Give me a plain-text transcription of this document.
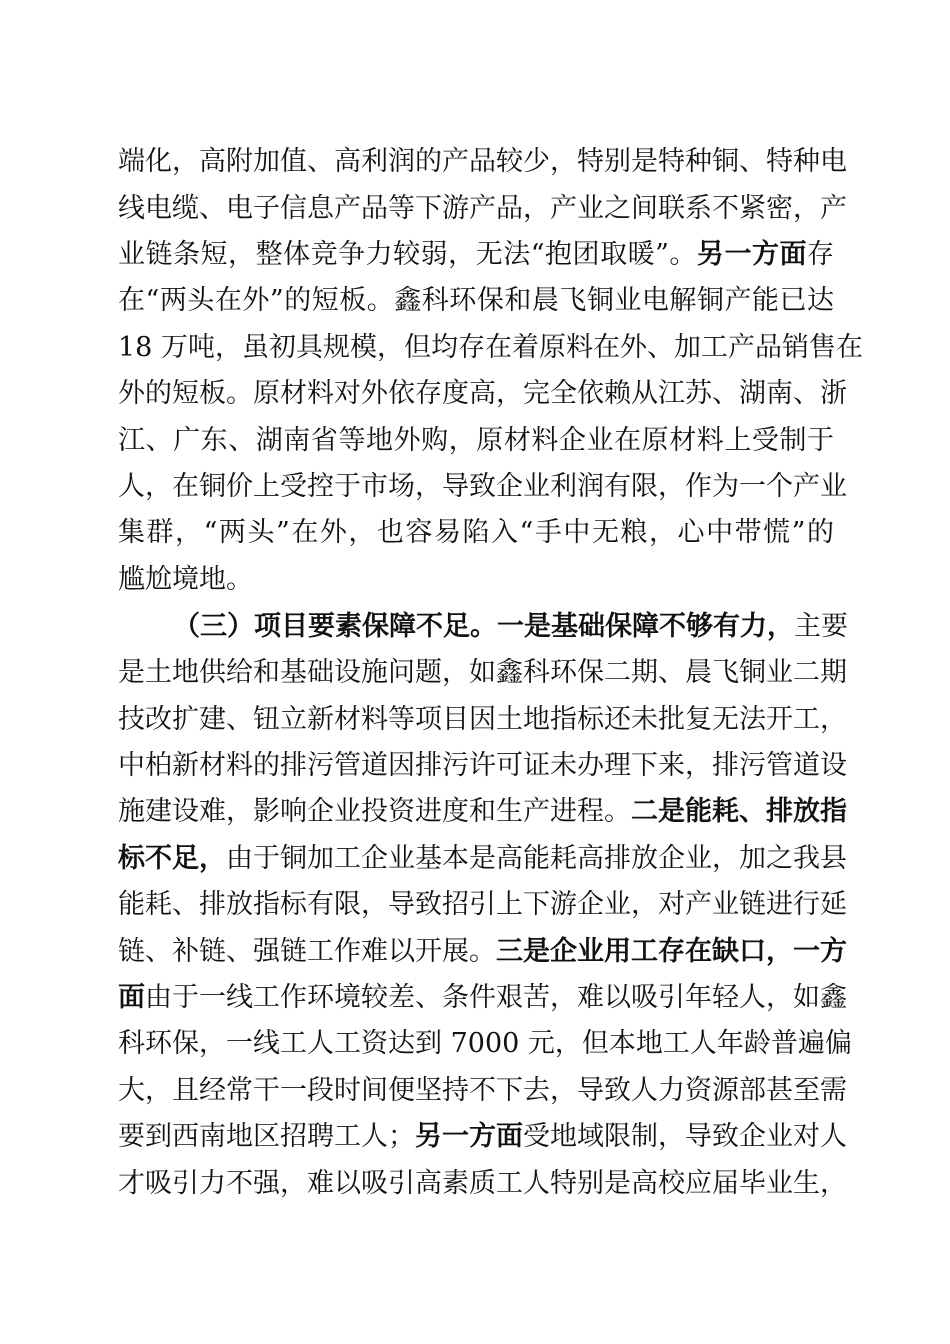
端化，高附加值、高利润的产品较少，特别是特种铜、特种电
线电缆、电子信息产品等下游产品，产业之间联系不紧密，产
业链条短，整体竞争力较弱，无法“抱团取暖”。另一方面存
在“两头在外”的短板。鑫科环保和晨飞铜业电解铜产能已达
18 万吨，虽初具规模，但均存在着原料在外、加工产品销售在
外的短板。原材料对外依存度高，完全依赖从江苏、湖南、浙
江、广东、湖南省等地外购，原材料企业在原材料上受制于
人，在铜价上受控于市场，导致企业利润有限，作为一个产业
集群，“两头”在外，也容易陷入“手中无粮，心中带慌”的
尴尬境地。
（三）项目要素保障不足。一是基础保障不够有力，主要
是土地供给和基础设施问题，如鑫科环保二期、晨飞铜业二期
技改扩建、钮立新材料等项目因土地指标还未批复无法开工，
中柏新材料的排污管道因排污许可证未办理下来，排污管道设
施建设难，影响企业投资进度和生产进程。二是能耗、排放指
标不足，由于铜加工企业基本是高能耗高排放企业，加之我县
能耗、排放指标有限，导致招引上下游企业，对产业链进行延
链、补链、强链工作难以开展。三是企业用工存在缺口，一方
面由于一线工作环境较差、条件艰苦，难以吸引年轻人，如鑫
科环保，一线工人工资达到 7000 元，但本地工人年龄普遍偏
大，且经常干一段时间便坚持不下去，导致人力资源部甚至需
要到西南地区招聘工人；另一方面受地域限制，导致企业对人
才吸引力不强，难以吸引高素质工人特别是高校应届毕业生，
